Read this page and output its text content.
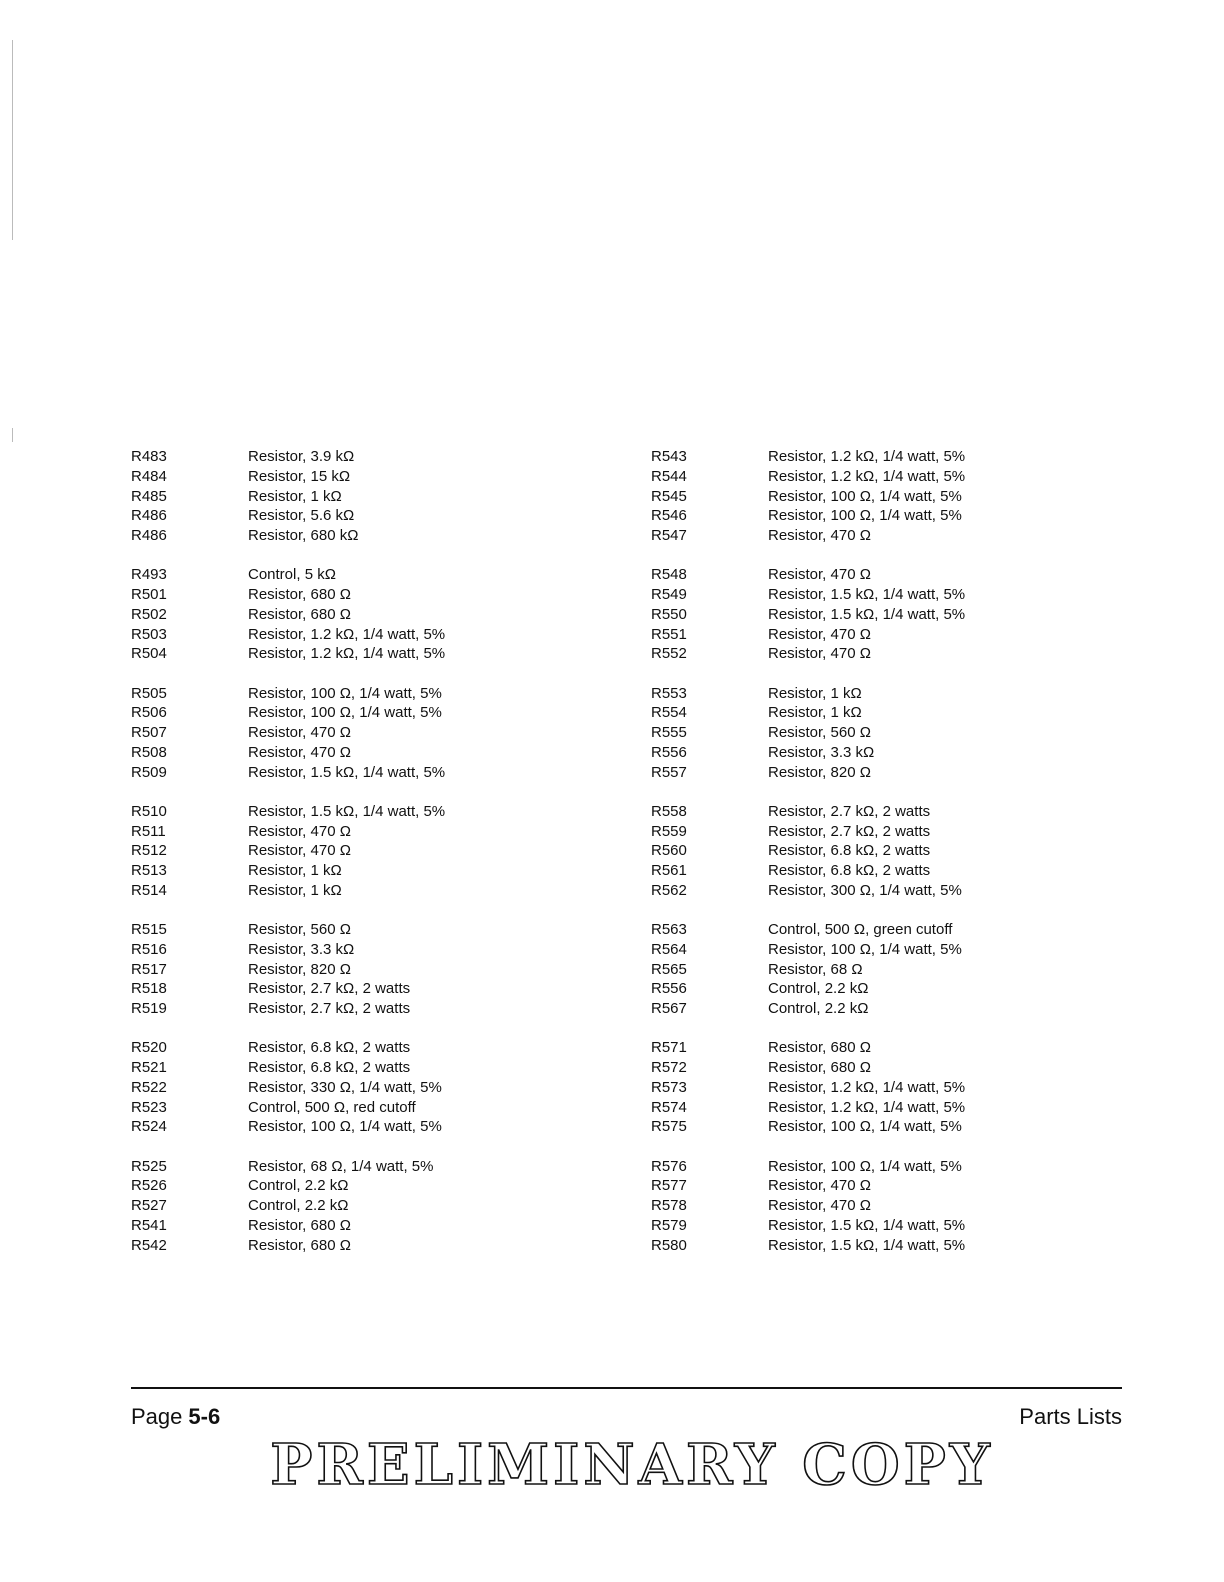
R483	Resistor, 3.9 kΩ
R484	Resistor, 15 kΩ
R485	Resistor, 1 kΩ
R486	Resistor, 5.6 kΩ
R486	Resistor, 680 kΩ
R493	Control, 5 kΩ
R501	Resistor, 680 Ω
R502	Resistor, 680 Ω
R503	Resistor, 1.2 kΩ, 1/4 watt, 5%
R504	Resistor, 1.2 kΩ, 1/4 watt, 5%
R505	Resistor, 100 Ω, 1/4 watt, 5%
R506	Resistor, 100 Ω, 1/4 watt, 5%
R507	Resistor, 470 Ω
R508	Resistor, 470 Ω
R509	Resistor, 1.5 kΩ, 1/4 watt, 5%
R510	Resistor, 1.5 kΩ, 1/4 watt, 5%
R511	Resistor, 470 Ω
R512	Resistor, 470 Ω
R513	Resistor, 1 kΩ
R514	Resistor, 1 kΩ
R515	Resistor, 560 Ω
R516	Resistor, 3.3 kΩ
R517	Resistor, 820 Ω
R518	Resistor, 2.7 kΩ, 2 watts
R519	Resistor, 2.7 kΩ, 2 watts
R520	Resistor, 6.8 kΩ, 2 watts
R521	Resistor, 6.8 kΩ, 2 watts
R522	Resistor, 330 Ω, 1/4 watt, 5%
R523	Control, 500 Ω, red cutoff
R524	Resistor, 100 Ω, 1/4 watt, 5%
R525	Resistor, 68 Ω, 1/4 watt, 5%
R526	Control, 2.2 kΩ
R527	Control, 2.2 kΩ
R541	Resistor, 680 Ω
R542	Resistor, 680 Ω
R543	Resistor, 1.2 kΩ, 1/4 watt, 5%
R544	Resistor, 1.2 kΩ, 1/4 watt, 5%
R545	Resistor, 100 Ω, 1/4 watt, 5%
R546	Resistor, 100 Ω, 1/4 watt, 5%
R547	Resistor, 470 Ω
R548	Resistor, 470 Ω
R549	Resistor, 1.5 kΩ, 1/4 watt, 5%
R550	Resistor, 1.5 kΩ, 1/4 watt, 5%
R551	Resistor, 470 Ω
R552	Resistor, 470 Ω
R553	Resistor, 1 kΩ
R554	Resistor, 1 kΩ
R555	Resistor, 560 Ω
R556	Resistor, 3.3 kΩ
R557	Resistor, 820 Ω
R558	Resistor, 2.7 kΩ, 2 watts
R559	Resistor, 2.7 kΩ, 2 watts
R560	Resistor, 6.8 kΩ, 2 watts
R561	Resistor, 6.8 kΩ, 2 watts
R562	Resistor, 300 Ω, 1/4 watt, 5%
R563	Control, 500 Ω, green cutoff
R564	Resistor, 100 Ω, 1/4 watt, 5%
R565	Resistor, 68 Ω
R556	Control, 2.2 kΩ
R567	Control, 2.2 kΩ
R571	Resistor, 680 Ω
R572	Resistor, 680 Ω
R573	Resistor, 1.2 kΩ, 1/4 watt, 5%
R574	Resistor, 1.2 kΩ, 1/4 watt, 5%
R575	Resistor, 100 Ω, 1/4 watt, 5%
R576	Resistor, 100 Ω, 1/4 watt, 5%
R577	Resistor, 470 Ω
R578	Resistor, 470 Ω
R579	Resistor, 1.5 kΩ, 1/4 watt, 5%
R580	Resistor, 1.5 kΩ, 1/4 watt, 5%
Page 5-6	Parts Lists
PRELIMINARY COPY
